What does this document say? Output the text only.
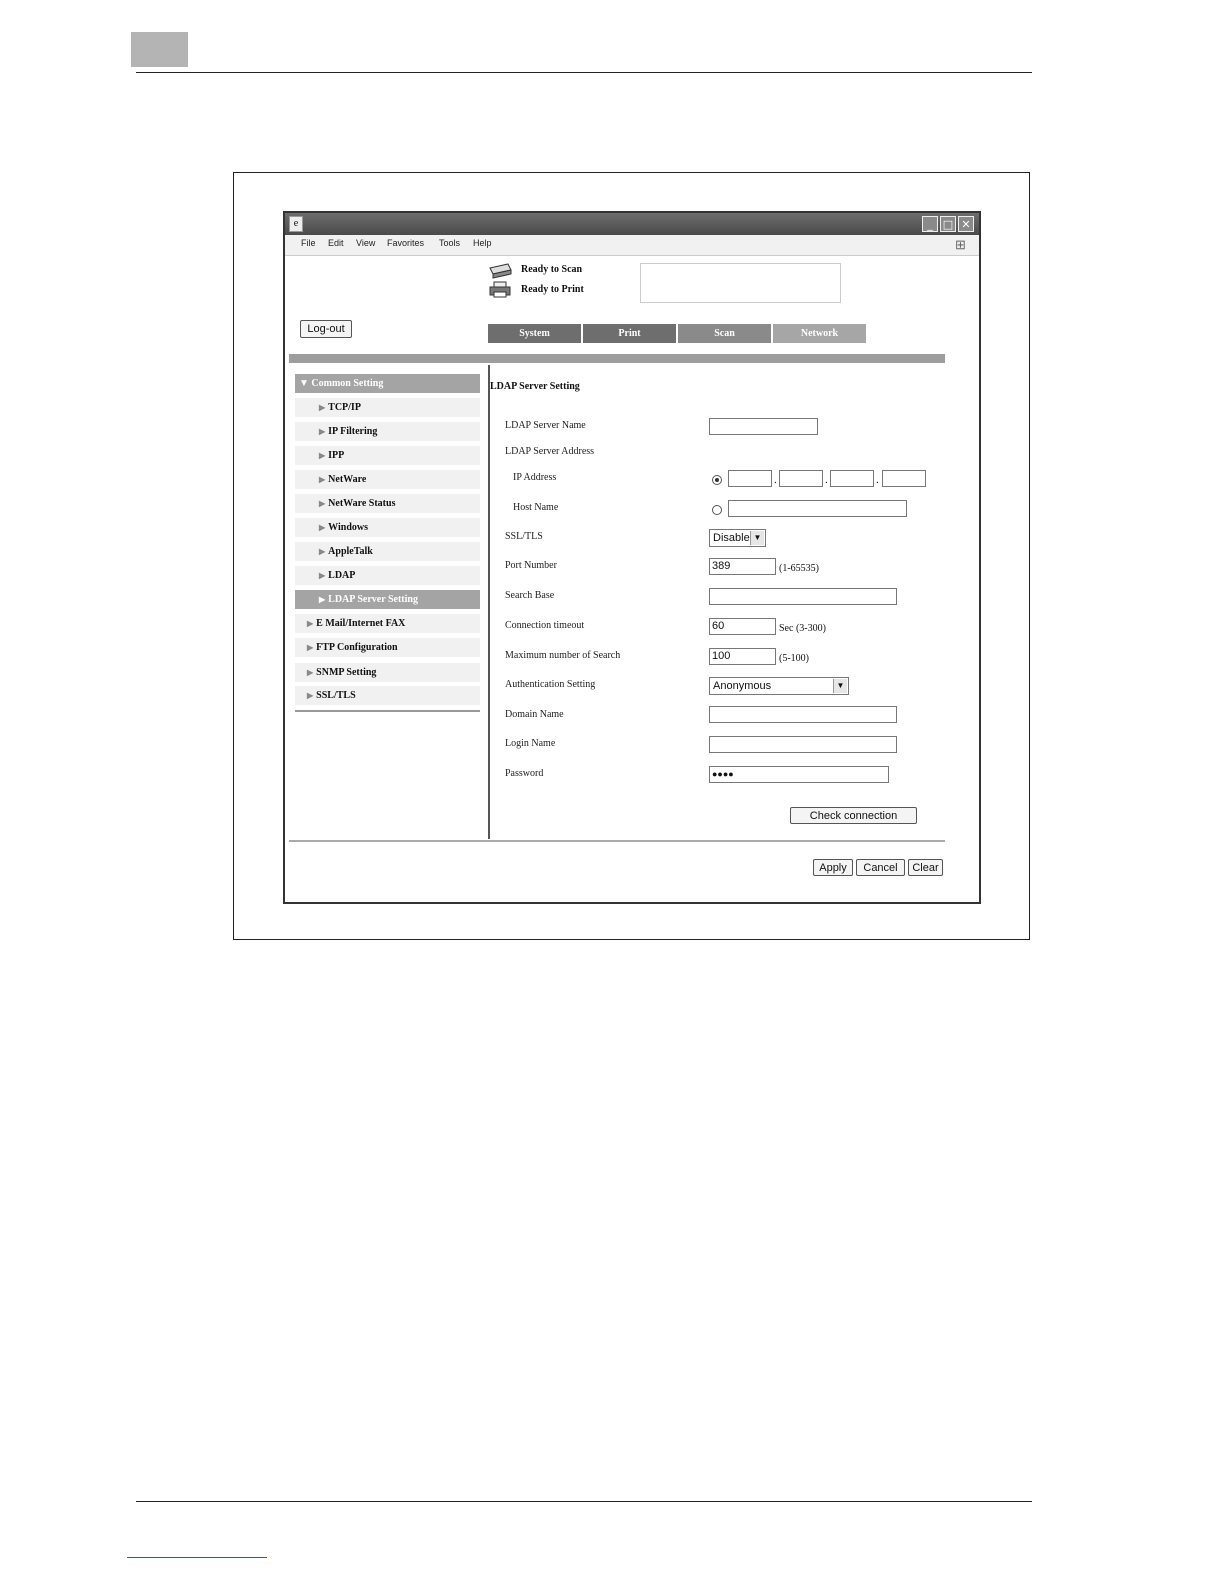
e	_ □ ✕
File Edit View Favorites Tools Help	⊞
Ready to Scan
Ready to Print
Log-out	System	Print	Scan	Network
▼ Common Setting
▶ TCP/IP
▶ IP Filtering
▶ IPP
▶ NetWare
▶ NetWare Status
▶ Windows
▶ AppleTalk
▶ LDAP
▶ LDAP Server Setting
▶ E Mail/Internet FAX
▶ FTP Configuration
▶ SNMP Setting
▶ SSL/TLS
LDAP Server Setting
LDAP Server Name
LDAP Server Address
IP Address	.	.	.
Host Name
SSL/TLS	Disable ▼
Port Number	389	(1-65535)
Search Base
Connection timeout	60	Sec (3-300)
Maximum number of Search	100	(5-100)
Authentication Setting	Anonymous	▼
Domain Name
Login Name
Password	●●●●
Check connection
Apply	Cancel	Clear
